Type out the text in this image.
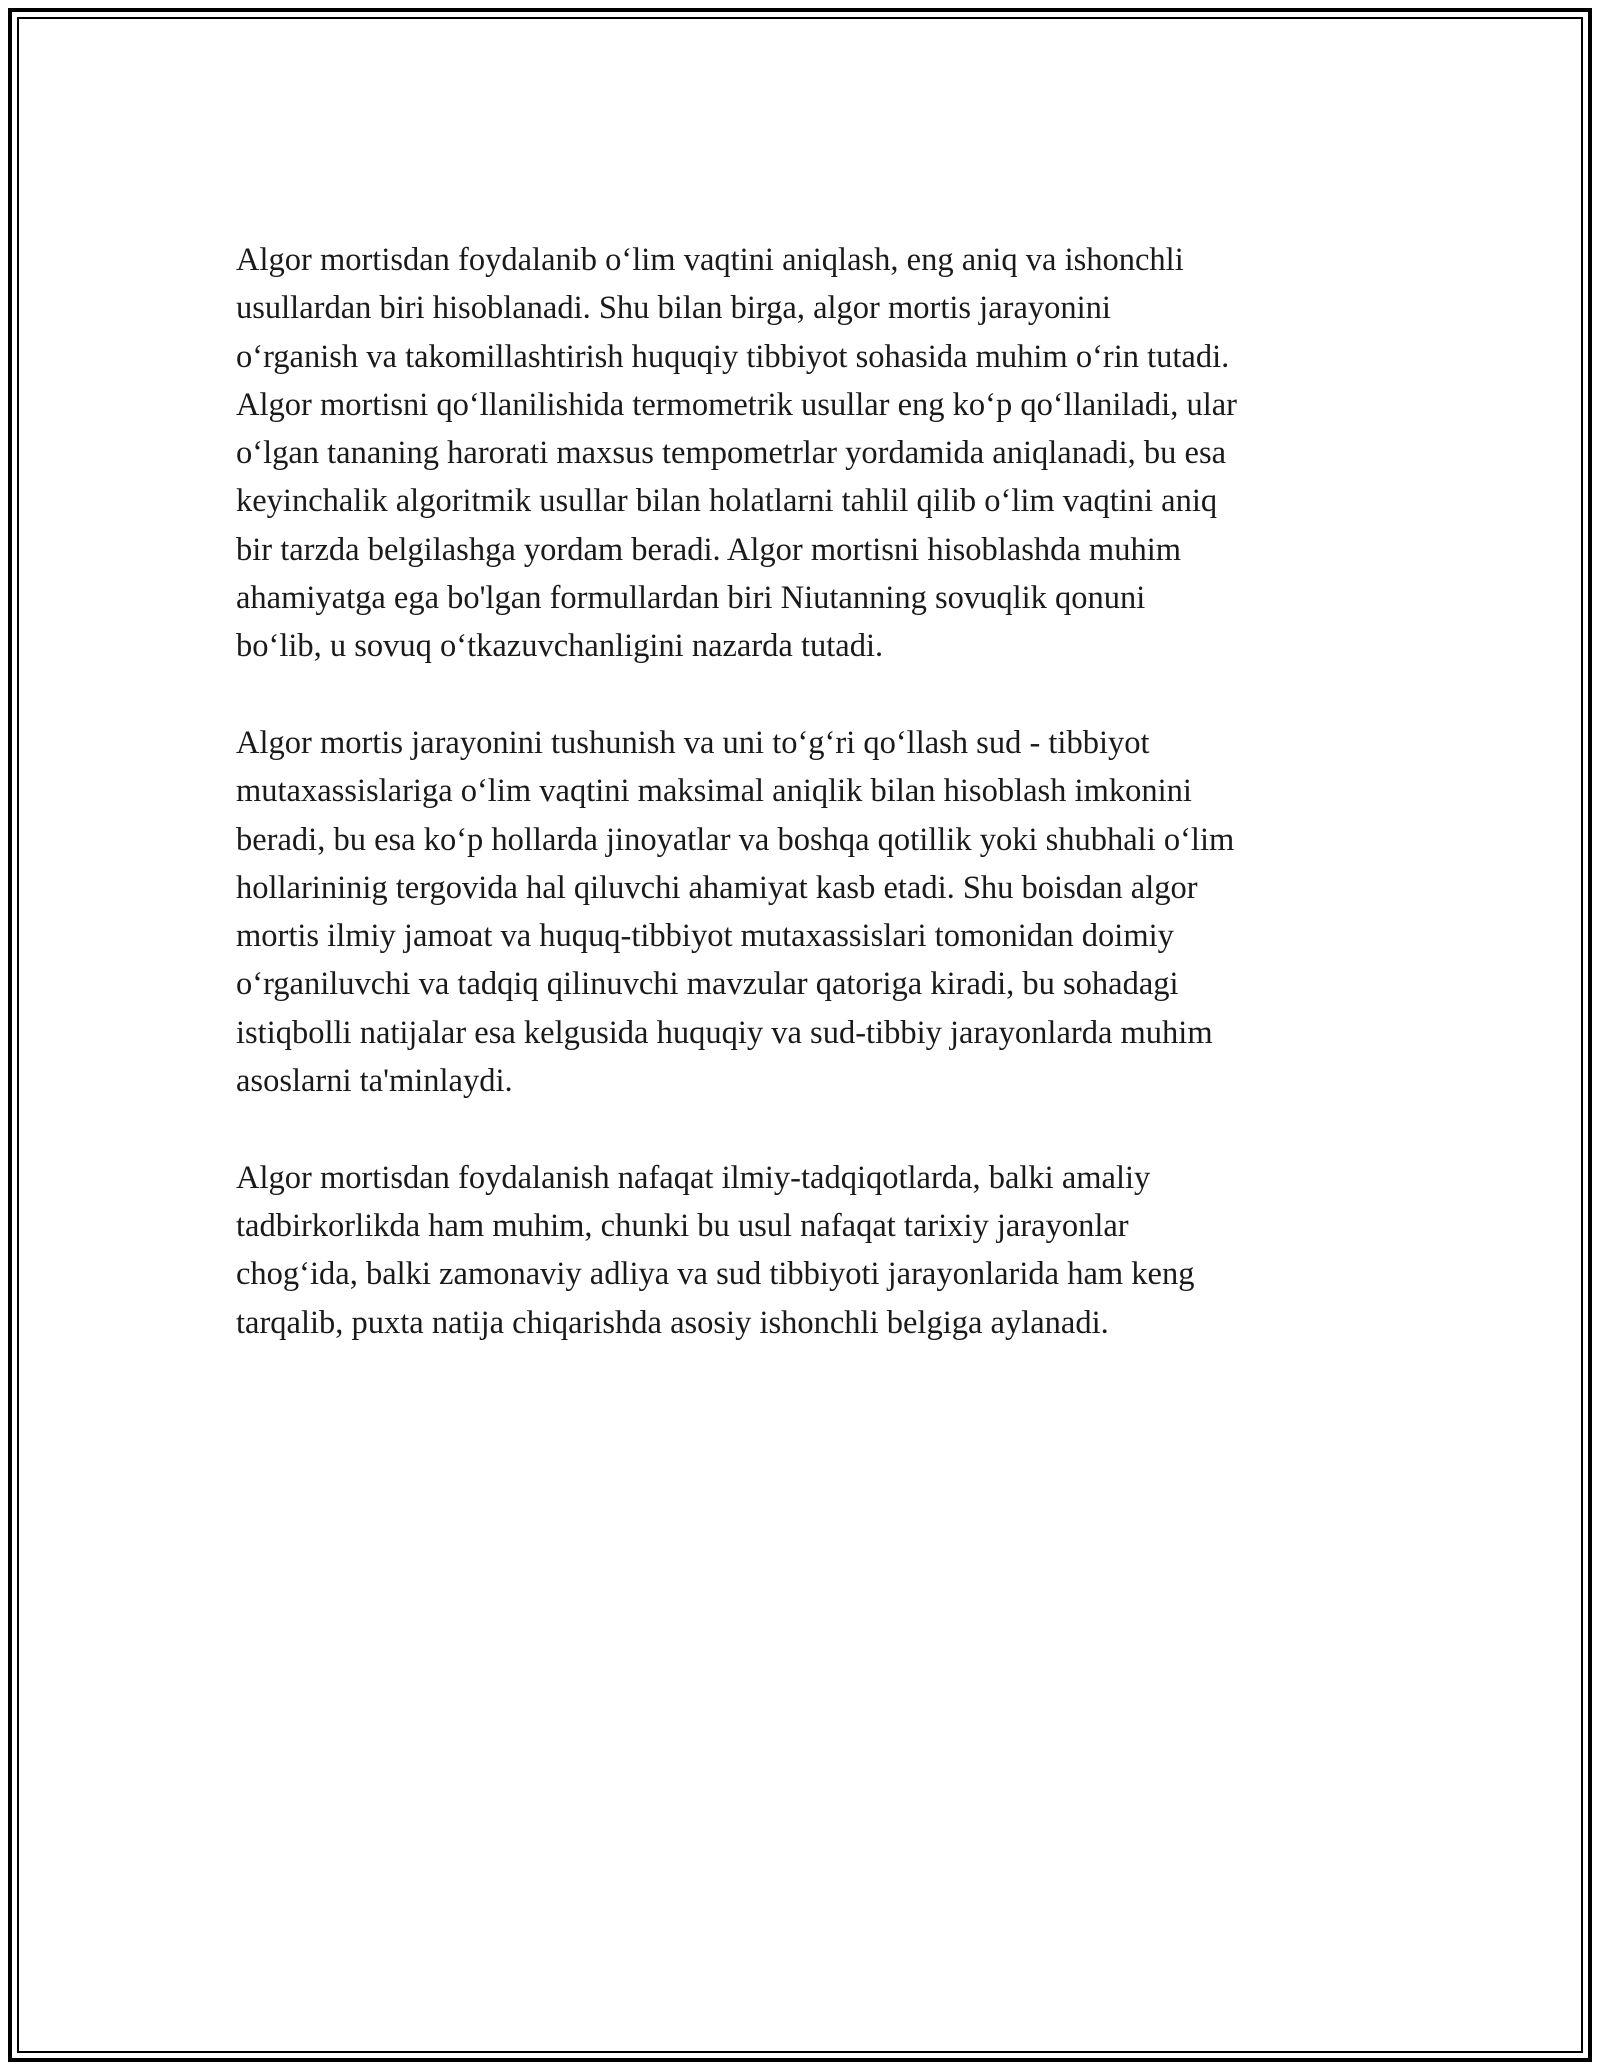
Algor mortisdan foydalanib o‘lim vaqtini aniqlash, eng aniq va ishonchli
usullardan biri hisoblanadi. Shu bilan birga, algor mortis jarayonini
o‘rganish va takomillashtirish huquqiy tibbiyot sohasida muhim o‘rin tutadi.
Algor mortisni qo‘llanilishida termometrik usullar eng ko‘p qo‘llaniladi, ular
o‘lgan tananing harorati maxsus tempometrlar yordamida aniqlanadi, bu esa
keyinchalik algoritmik usullar bilan holatlarni tahlil qilib o‘lim vaqtini aniq
bir tarzda belgilashga yordam beradi. Algor mortisni hisoblashda muhim
ahamiyatga ega bo'lgan formullardan biri Niutanning sovuqlik qonuni
bo‘lib, u sovuq o‘tkazuvchanligini nazarda tutadi.

Algor mortis jarayonini tushunish va uni to‘g‘ri qo‘llash sud - tibbiyot
mutaxassislariga o‘lim vaqtini maksimal aniqlik bilan hisoblash imkonini
beradi, bu esa ko‘p hollarda jinoyatlar va boshqa qotillik yoki shubhali o‘lim
hollarininig tergovida hal qiluvchi ahamiyat kasb etadi. Shu boisdan algor
mortis ilmiy jamoat va huquq-tibbiyot mutaxassislari tomonidan doimiy
o‘rganiluvchi va tadqiq qilinuvchi mavzular qatoriga kiradi, bu sohadagi
istiqbolli natijalar esa kelgusida huquqiy va sud-tibbiy jarayonlarda muhim
asoslarni ta'minlaydi.

Algor mortisdan foydalanish nafaqat ilmiy-tadqiqotlarda, balki amaliy
tadbirkorlikda ham muhim, chunki bu usul nafaqat tarixiy jarayonlar
chog‘ida, balki zamonaviy adliya va sud tibbiyoti jarayonlarida ham keng
tarqalib, puxta natija chiqarishda asosiy ishonchli belgiga aylanadi.
